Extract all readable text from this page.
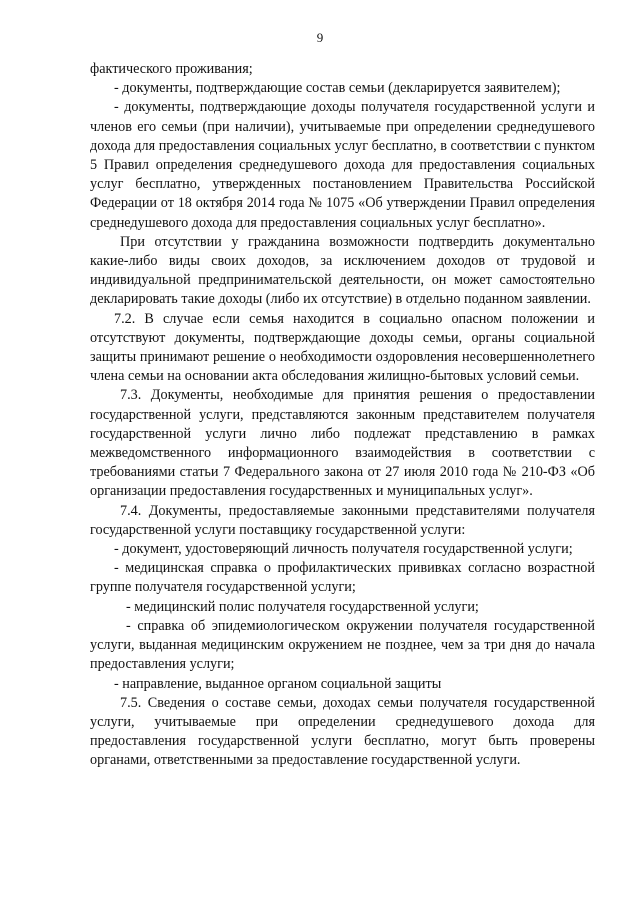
9

фактического проживания;

- документы, подтверждающие состав семьи (декларируется заявителем);

- документы, подтверждающие доходы получателя государственной услуги и членов его семьи (при наличии), учитываемые при определении среднедушевого дохода для предоставления социальных услуг бесплатно, в соответствии с пунктом 5 Правил определения среднедушевого дохода для предоставления социальных услуг бесплатно, утвержденных постановлением Правительства Российской Федерации от 18 октября 2014 года № 1075 «Об утверждении Правил определения среднедушевого дохода для предоставления социальных услуг бесплатно».

При отсутствии у гражданина возможности подтвердить документально какие-либо виды своих доходов, за исключением доходов от трудовой и индивидуальной предпринимательской деятельности, он может самостоятельно декларировать такие доходы (либо их отсутствие) в отдельно поданном заявлении.

7.2. В случае если семья находится в социально опасном положении и отсутствуют документы, подтверждающие доходы семьи, органы социальной защиты принимают решение о необходимости оздоровления несовершеннолетнего члена семьи на основании акта обследования жилищно-бытовых условий семьи.

7.3. Документы, необходимые для принятия решения о предоставлении государственной услуги, представляются законным представителем получателя государственной услуги лично либо подлежат представлению в рамках межведомственного информационного взаимодействия в соответствии с требованиями статьи 7 Федерального закона от 27 июля 2010 года № 210-ФЗ «Об организации предоставления государственных и муниципальных услуг».

7.4. Документы, предоставляемые законными представителями получателя государственной услуги поставщику государственной услуги:

- документ, удостоверяющий личность получателя государственной услуги;

- медицинская справка о профилактических прививках согласно возрастной группе получателя государственной услуги;

- медицинский полис получателя государственной услуги;

- справка об эпидемиологическом окружении получателя государственной услуги, выданная медицинским окружением не позднее, чем за три дня до начала предоставления услуги;

- направление, выданное органом социальной защиты

7.5. Сведения о составе семьи, доходах семьи получателя государственной услуги, учитываемые при определении среднедушевого дохода для предоставления государственной услуги бесплатно, могут быть проверены органами, ответственными за предоставление государственной услуги.
